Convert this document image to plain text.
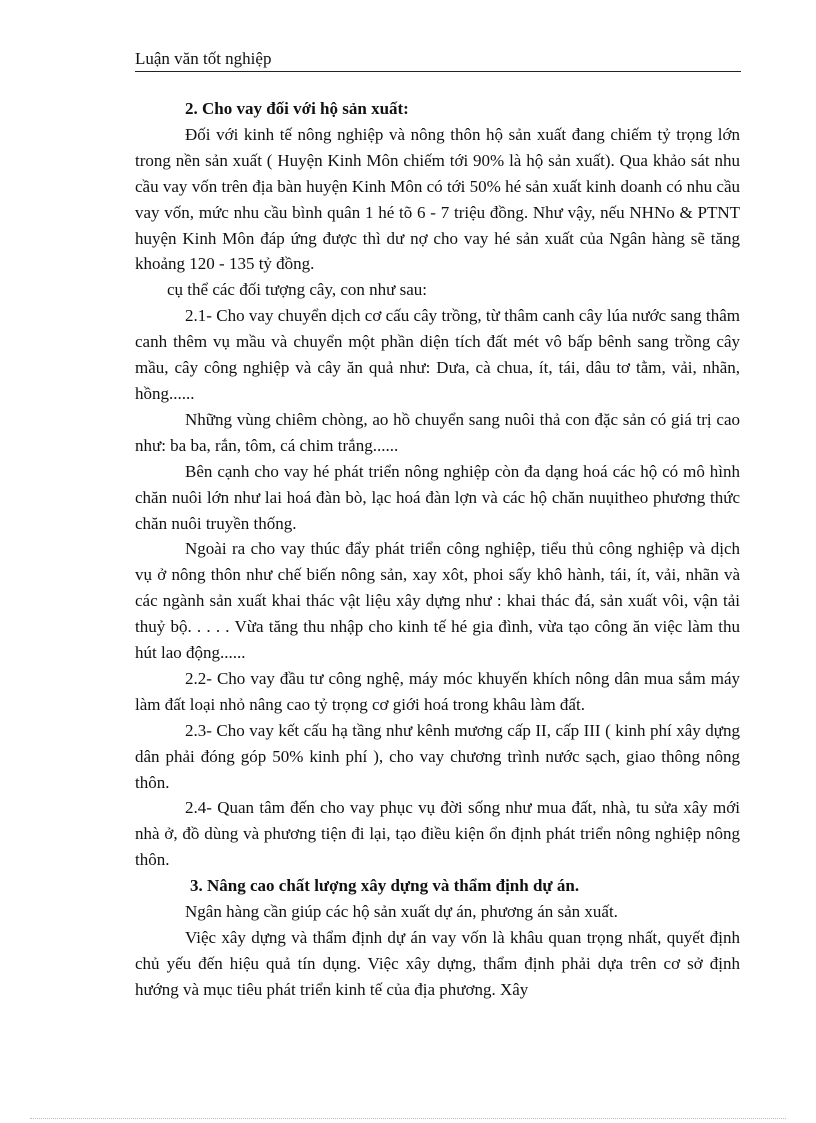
Luận văn tốt nghiệp
2. Cho vay đối với hộ sản xuất:

Đối với kinh tế nông nghiệp và nông thôn hộ sản xuất đang chiếm tỷ trọng lớn trong nền sản xuất ( Huyện Kinh Môn chiếm tới 90% là hộ sản xuất). Qua khảo sát nhu cầu vay vốn trên địa bàn huyện Kinh Môn có tới 50% hé sản xuất kinh doanh có nhu cầu vay vốn, mức nhu cầu bình quân 1 hé tõ 6 - 7 triệu đồng. Như vậy, nếu NHNo & PTNT huyện Kinh Môn đáp ứng được thì dư nợ cho vay hé sản xuất của Ngân hàng sẽ tăng khoảng 120 - 135 tỷ đồng.

cụ thể các đối tượng cây, con như sau:

2.1- Cho vay chuyển dịch cơ cấu cây trồng, từ thâm canh cây lúa nước sang thâm canh thêm vụ mầu và chuyển một phần diện tích đất mét vô bấp bênh sang trồng cây mầu, cây công nghiệp và cây ăn quả như: Dưa, cà chua, ít, tái, dâu tơ tằm, vải, nhãn, hồng......

Những vùng chiêm chòng, ao hồ chuyển sang nuôi thả con đặc sản có giá trị cao như: ba ba, rắn, tôm, cá chim trắng......

Bên cạnh cho vay hé phát triển nông nghiệp còn đa dạng hoá các hộ có mô hình chăn nuôi lớn như lai hoá đàn bò, lạc hoá đàn lợn và các hộ chăn nuụitheo phương thức chăn nuôi truyền thống.

Ngoài ra cho vay thúc đẩy phát triển công nghiệp, tiểu thủ công nghiệp và dịch vụ ở nông thôn như chế biến nông sản, xay xôt, phoi sấy khô hành, tái, ít, vải, nhãn và các ngành sản xuất khai thác vật liệu xây dựng như : khai thác đá, sản xuất vôi, vận tải thuỷ bộ. . . . . Vừa tăng thu nhập cho kinh tế hé gia đình, vừa tạo công ăn việc làm thu hút lao động......

2.2- Cho vay đầu tư công nghệ, máy móc khuyến khích nông dân mua sắm máy làm đất loại nhỏ nâng cao tỷ trọng cơ giới hoá trong khâu làm đất.

2.3- Cho vay kết cấu hạ tầng như kênh mương cấp II, cấp III ( kinh phí xây dựng dân phải đóng góp 50% kinh phí ), cho vay chương trình nước sạch, giao thông nông thôn.

2.4- Quan tâm đến cho vay phục vụ đời sống như mua đất, nhà, tu sửa xây mới nhà ở, đồ dùng và phương tiện đi lại, tạo điều kiện ổn định phát triển nông nghiệp nông thôn.

3. Nâng cao chất lượng xây dựng và thẩm định dự án.

Ngân hàng cần giúp các hộ sản xuất dự án, phương án sản xuất.

Việc xây dựng và thẩm định dự án vay vốn là khâu quan trọng nhất, quyết định chủ yếu đến hiệu quả tín dụng. Việc xây dựng, thẩm định phải dựa trên cơ sở định hướng và mục tiêu phát triển kinh tế của địa phương. Xây
